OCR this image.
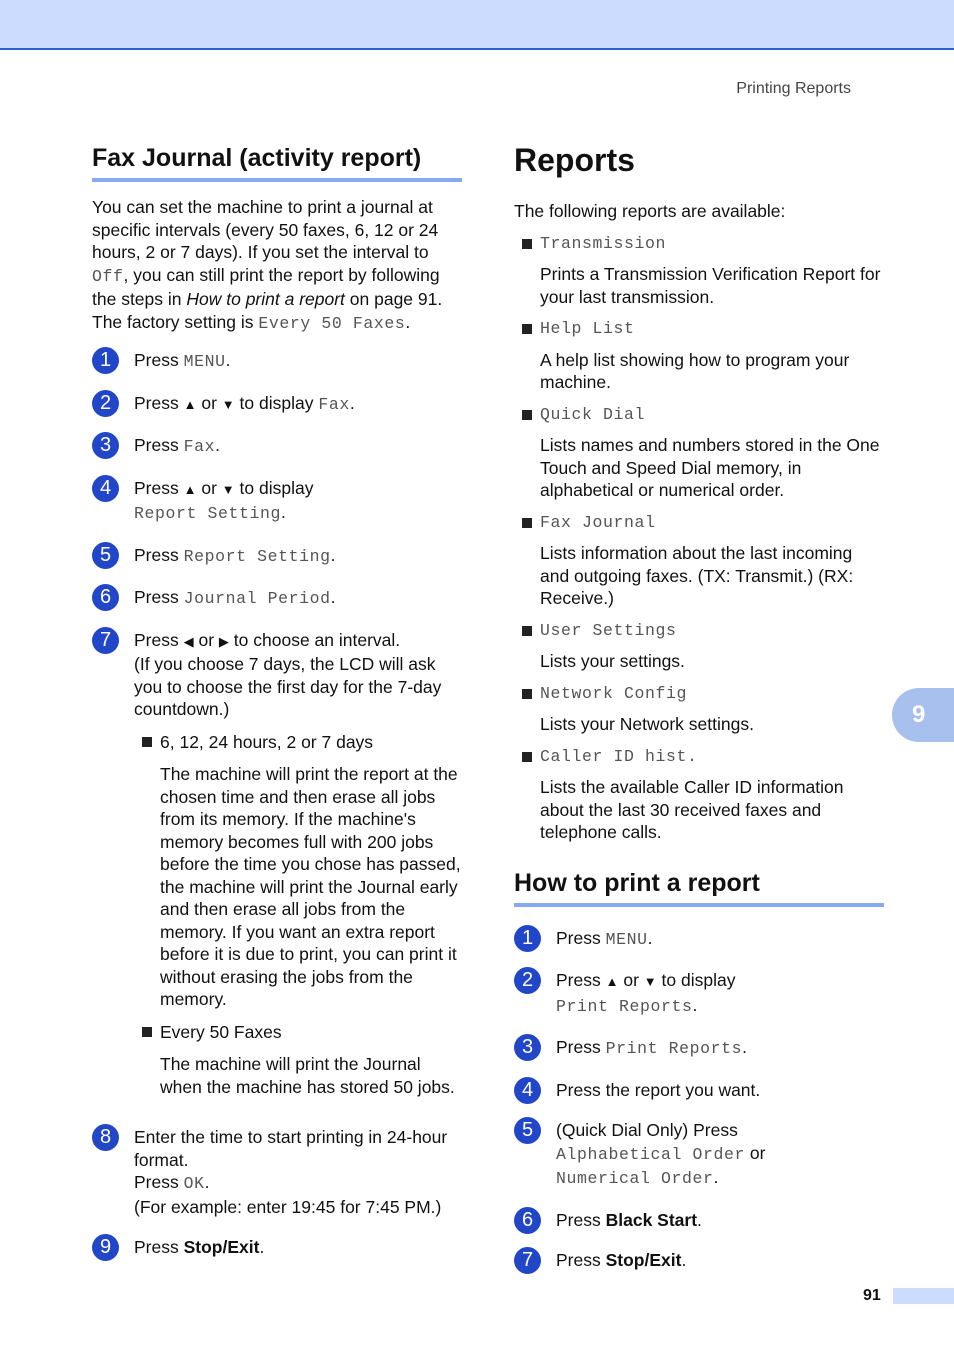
Printing Reports
9
91
Fax Journal (activity report)

You can set the machine to print a journal at specific intervals (every 50 faxes, 6, 12 or 24 hours, 2 or 7 days). If you set the interval to Off, you can still print the report by following the steps in How to print a report on page 91. The factory setting is Every 50 Faxes.

1	Press MENU.
2	Press ▲ or ▼ to display Fax.
3	Press Fax.
4	Press ▲ or ▼ to display
Report Setting.
5	Press Report Setting.
6	Press Journal Period.
7	Press ◀ or ▶ to choose an interval.
(If you choose 7 days, the LCD will ask you to choose the first day for the 7-day countdown.)
6, 12, 24 hours, 2 or 7 days
The machine will print the report at the chosen time and then erase all jobs from its memory. If the machine's memory becomes full with 200 jobs before the time you chose has passed, the machine will print the Journal early and then erase all jobs from the memory. If you want an extra report before it is due to print, you can print it without erasing the jobs from the memory.
Every 50 Faxes
The machine will print the Journal when the machine has stored 50 jobs.
8	Enter the time to start printing in 24-hour format.
Press OK.
(For example: enter 19:45 for 7:45 PM.)
9	Press Stop/Exit.
Reports

The following reports are available:

Transmission
Prints a Transmission Verification Report for your last transmission.
Help List
A help list showing how to program your machine.
Quick Dial
Lists names and numbers stored in the One Touch and Speed Dial memory, in alphabetical or numerical order.
Fax Journal
Lists information about the last incoming and outgoing faxes. (TX: Transmit.) (RX: Receive.)
User Settings
Lists your settings.
Network Config
Lists your Network settings.
Caller ID hist.
Lists the available Caller ID information about the last 30 received faxes and telephone calls.
How to print a report
1	Press MENU.
2	Press ▲ or ▼ to display
Print Reports.
3	Press Print Reports.
4	Press the report you want.
5	(Quick Dial Only) Press
Alphabetical Order or
Numerical Order.
6	Press Black Start.
7	Press Stop/Exit.
